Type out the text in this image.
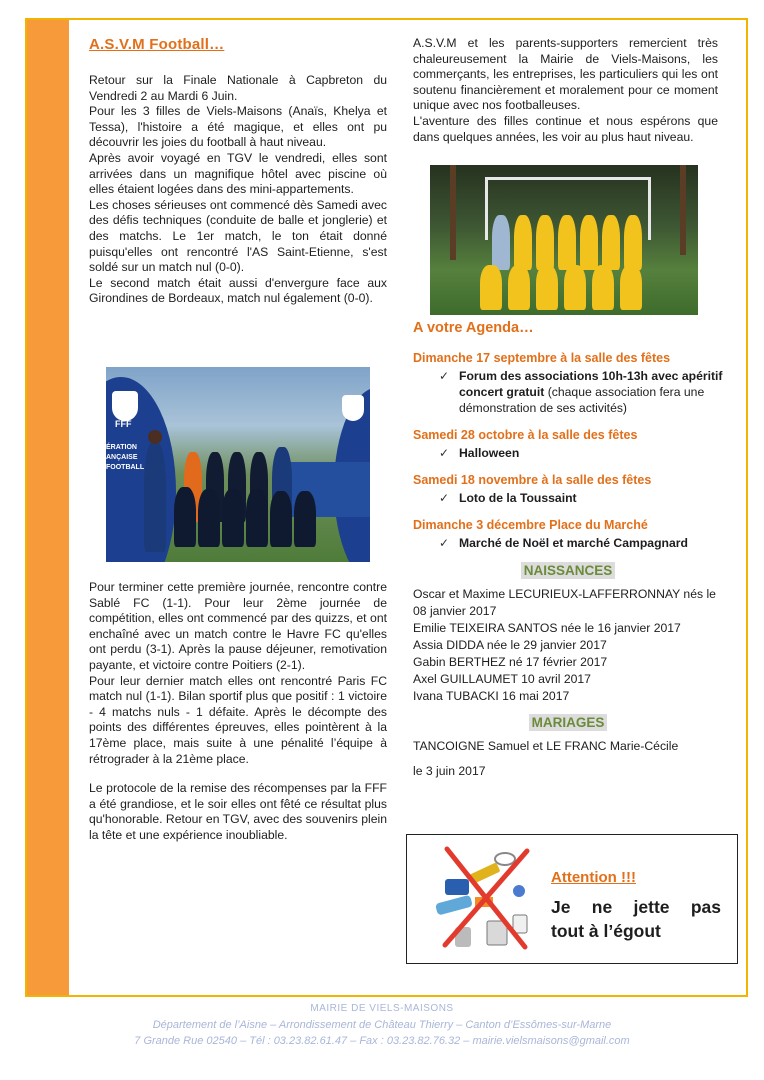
A.S.V.M Football…

Retour sur la Finale Nationale à Capbreton du Vendredi 2 au Mardi 6 Juin.

Pour les 3 filles de Viels-Maisons (Anaïs, Khelya et Tessa), l'histoire a été magique, et elles ont pu découvrir les joies du football à haut niveau.

Après avoir voyagé en TGV le vendredi, elles sont arrivées dans un magnifique hôtel avec piscine où elles étaient logées dans des mini-appartements.

Les choses sérieuses ont commencé dès Samedi avec des défis techniques (conduite de balle et jonglerie) et des matchs. Le 1er match, le ton était donné puisqu'elles ont rencontré l'AS Saint-Etienne, s'est soldé sur un match nul (0-0).

Le second match était aussi d'envergure face aux Girondines de Bordeaux, match nul également (0-0).

FFF
ÉRATION ANÇAISE FOOTBALL

Pour terminer cette première journée, rencontre contre Sablé FC (1-1). Pour leur 2ème journée de compétition, elles ont commencé par des quizzs, et ont enchaîné avec un match contre le Havre FC qu'elles ont perdu (3-1). Après la pause déjeuner, remotivation payante, et victoire contre Poitiers (2-1).

Pour leur dernier match elles ont rencontré Paris FC match nul (1-1). Bilan sportif plus que positif : 1 victoire - 4 matchs nuls - 1 défaite. Après le décompte des points des différentes épreuves, elles pointèrent à la 17ème place, mais suite à une pénalité l’équipe à rétrograder à la 21ème place.

Le protocole de la remise des récompenses par la FFF a été grandiose, et le soir elles ont fêté ce résultat plus qu'honorable. Retour en TGV, avec des souvenirs plein la tête et une expérience inoubliable.

A.S.V.M et les parents-supporters remercient très chaleureusement la Mairie de Viels-Maisons, les commerçants, les entreprises, les particuliers qui les ont soutenu financièrement et moralement pour ce moment unique avec nos footballeuses.

L'aventure des filles continue et nous espérons que dans quelques années, les voir au plus haut niveau.

A votre Agenda…
Dimanche 17 septembre à la salle des fêtes
✓ Forum des associations 10h-13h avec apéritif concert gratuit (chaque association fera une démonstration de ses activités)
Samedi 28 octobre à la salle des fêtes
✓ Halloween
Samedi 18 novembre à la salle des fêtes
✓ Loto de la Toussaint
Dimanche 3 décembre Place du Marché
✓ Marché de Noël et marché Campagnard
NAISSANCES

Oscar et Maxime LECURIEUX-LAFFERRONNAY nés le 08 janvier 2017

Emilie TEIXEIRA SANTOS née le 16 janvier 2017

Assia DIDDA née le 29 janvier 2017

Gabin BERTHEZ né 17 février 2017

Axel GUILLAUMET 10 avril 2017

Ivana TUBACKI 16 mai 2017

MARIAGES

TANCOIGNE Samuel et LE FRANC Marie-Cécile

le 3 juin 2017

Attention !!!
Je ne jette pas
tout à l’égout
MAIRIE DE VIELS-MAISONS
Département de l’Aisne – Arrondissement de Château Thierry – Canton d’Essômes-sur-Marne
7 Grande Rue 02540 – Tél : 03.23.82.61.47 – Fax : 03.23.82.76.32 – mairie.vielsmaisons@gmail.com
